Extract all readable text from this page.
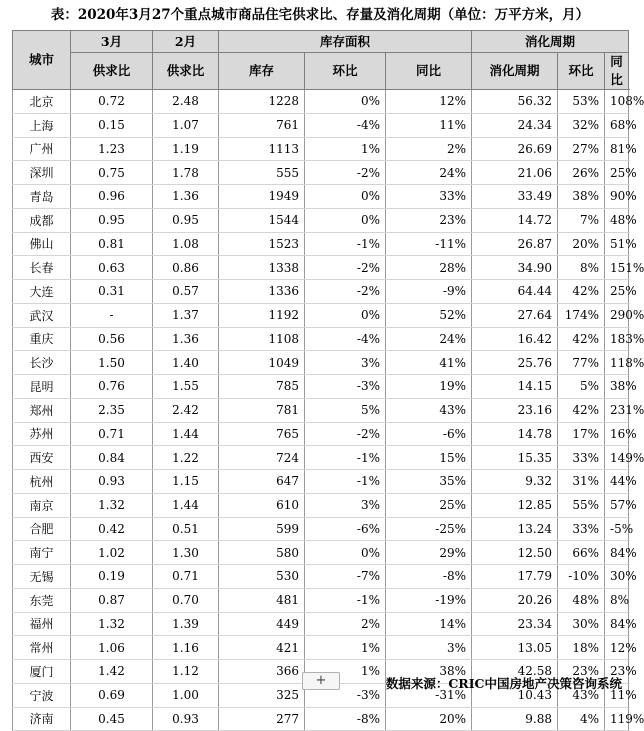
表：2020年3月27个重点城市商品住宅供求比、存量及消化周期（单位：万平方米，月）
城市	3月	2月	库存面积			消化周期		
	供求比	供求比	库存	环比	同比	消化周期	环比	同比
北京	0.72	2.48	1228	0%	12%	56.32	53%	108%
上海	0.15	1.07	761	-4%	11%	24.34	32%	68%
广州	1.23	1.19	1113	1%	2%	26.69	27%	81%
深圳	0.75	1.78	555	-2%	24%	21.06	26%	25%
青岛	0.96	1.36	1949	0%	33%	33.49	38%	90%
成都	0.95	0.95	1544	0%	23%	14.72	7%	48%
佛山	0.81	1.08	1523	-1%	-11%	26.87	20%	51%
长春	0.63	0.86	1338	-2%	28%	34.90	8%	151%
大连	0.31	0.57	1336	-2%	-9%	64.44	42%	25%
武汉	-	1.37	1192	0%	52%	27.64	174%	290%
重庆	0.56	1.36	1108	-4%	24%	16.42	42%	183%
长沙	1.50	1.40	1049	3%	41%	25.76	77%	118%
昆明	0.76	1.55	785	-3%	19%	14.15	5%	38%
郑州	2.35	2.42	781	5%	43%	23.16	42%	231%
苏州	0.71	1.44	765	-2%	-6%	14.78	17%	16%
西安	0.84	1.22	724	-1%	15%	15.35	33%	149%
杭州	0.93	1.15	647	-1%	35%	9.32	31%	44%
南京	1.32	1.44	610	3%	25%	12.85	55%	57%
合肥	0.42	0.51	599	-6%	-25%	13.24	33%	-5%
南宁	1.02	1.30	580	0%	29%	12.50	66%	84%
无锡	0.19	0.71	530	-7%	-8%	17.79	-10%	30%
东莞	0.87	0.70	481	-1%	-19%	20.26	48%	8%
福州	1.32	1.39	449	2%	14%	23.34	30%	84%
常州	1.06	1.16	421	1%	3%	13.05	18%	12%
厦门	1.42	1.12	366	1%	38%	42.58	23%	23%
宁波	0.69	1.00	325	-3%	-31%	10.43	43%	11%
济南	0.45	0.93	277	-8%	20%	9.88	4%	119%
+	数据来源：CRIC中国房地产决策咨询系统
